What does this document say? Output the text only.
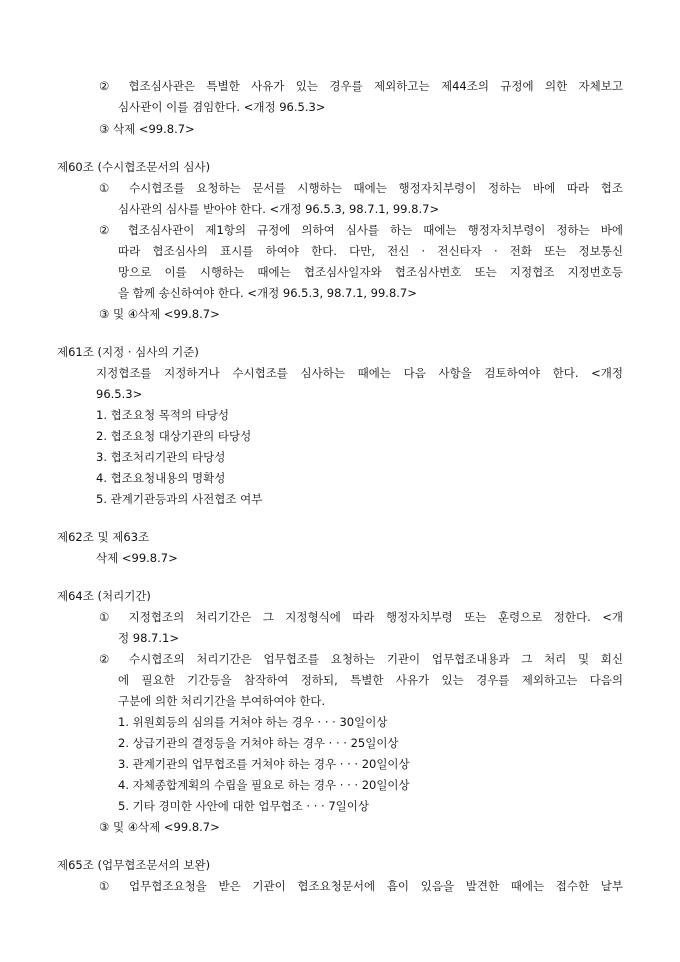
② 협조심사관은 특별한 사유가 있는 경우를 제외하고는 제44조의 규정에 의한 자체보고
심사관이 이를 겸임한다. <개정 96.5.3>
③ 삭제 <99.8.7>
제60조 (수시협조문서의 심사)
① 수시협조를 요청하는 문서를 시행하는 때에는 행정자치부령이 정하는 바에 따라 협조
심사관의 심사를 받아야 한다. <개정 96.5.3, 98.7.1, 99.8.7>
② 협조심사관이 제1항의 규정에 의하여 심사를 하는 때에는 행정자치부령이 정하는 바에
따라 협조심사의 표시를 하여야 한다. 다만, 전신 · 전신타자 · 전화 또는 정보통신
망으로 이를 시행하는 때에는 협조심사일자와 협조심사번호 또는 지정협조 지정번호등
을 함께 송신하여야 한다. <개정 96.5.3, 98.7.1, 99.8.7>
③ 및 ④삭제 <99.8.7>
제61조 (지정 · 심사의 기준)
지정협조를 지정하거나 수시협조를 심사하는 때에는 다음 사항을 검토하여야 한다. <개정
96.5.3>
1. 협조요청 목적의 타당성
2. 협조요청 대상기관의 타당성
3. 협조처리기관의 타당성
4. 협조요청내용의 명확성
5. 관계기관등과의 사전협조 여부
제62조 및 제63조
삭제 <99.8.7>
제64조 (처리기간)
① 지정협조의 처리기간은 그 지정형식에 따라 행정자치부령 또는 훈령으로 정한다. <개
정 98.7.1>
② 수시협조의 처리기간은 업무협조를 요청하는 기관이 업무협조내용과 그 처리 및 회신
에 필요한 기간등을 참작하여 정하되, 특별한 사유가 있는 경우를 제외하고는 다음의
구분에 의한 처리기간을 부여하여야 한다.
1. 위원회등의 심의를 거쳐야 하는 경우 · · · 30일이상
2. 상급기관의 결정등을 거쳐야 하는 경우 · · · 25일이상
3. 관계기관의 업무협조를 거쳐야 하는 경우 · · · 20일이상
4. 자체종합계획의 수립을 필요로 하는 경우 · · · 20일이상
5. 기타 경미한 사안에 대한 업무협조 · · · 7일이상
③ 및 ④삭제 <99.8.7>
제65조 (업무협조문서의 보완)
① 업무협조요청을 받은 기관이 협조요청문서에 흠이 있음을 발견한 때에는 접수한 날부
